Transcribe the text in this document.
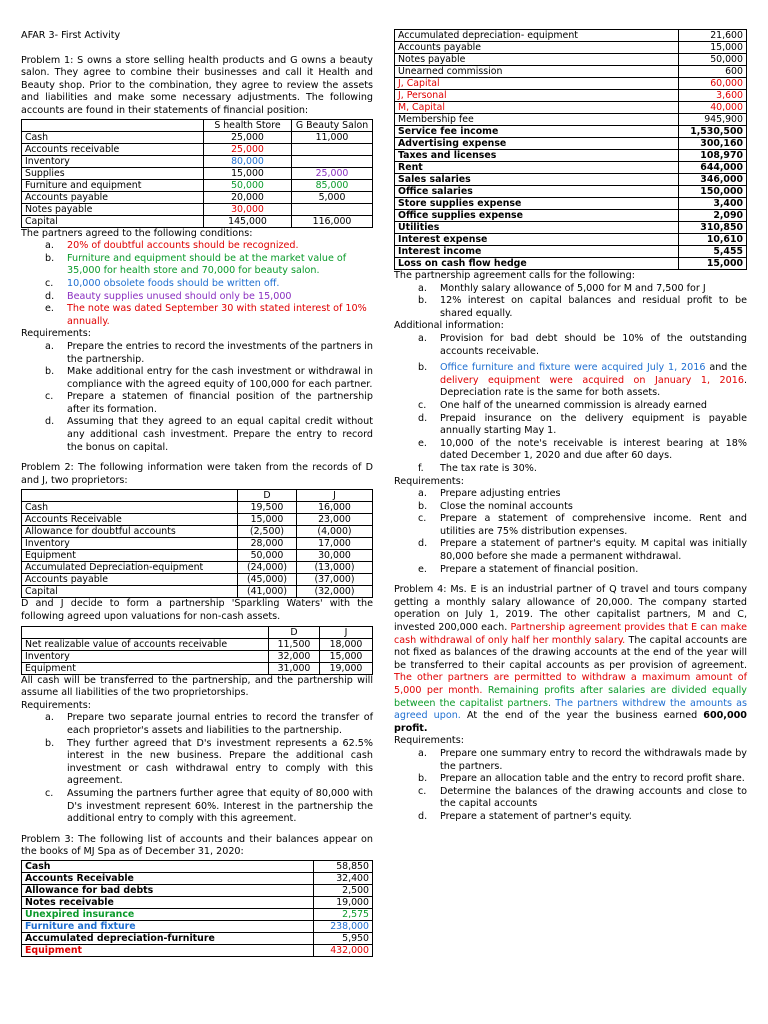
AFAR 3- First Activity

Problem 1: S owns a store selling health products and G owns a beauty salon. They agree to combine their businesses and call it Health and Beauty shop. Prior to the combination, they agree to review the assets and liabilities and make some necessary adjustments. The following accounts are found in their statements of financial position:

	S health Store	G Beauty Salon
Cash	25,000	11,000
Accounts receivable	25,000	
Inventory	80,000	
Supplies	15,000	25,000
Furniture and equipment	50,000	85,000
Accounts payable	20,000	5,000
Notes payable	30,000	
Capital	145,000	116,000

The partners agreed to the following conditions:

a. 20% of doubtful accounts should be recognized.
b. Furniture and equipment should be at the market value of 35,000 for health store and 70,000 for beauty salon.
c. 10,000 obsolete foods should be written off.
d. Beauty supplies unused should only be 15,000
e. The note was dated September 30 with stated interest of 10% annually.

Requirements:

a. Prepare the entries to record the investments of the partners in the partnership.
b. Make additional entry for the cash investment or withdrawal in compliance with the agreed equity of 100,000 for each partner.
c. Prepare a statemen of financial position of the partnership after its formation.
d. Assuming that they agreed to an equal capital credit without any additional cash investment. Prepare the entry to record the bonus on capital.

Problem 2: The following information were taken from the records of D and J, two proprietors:

	D	J
Cash	19,500	16,000
Accounts Receivable	15,000	23,000
Allowance for doubtful accounts	(2,500)	(4,000)
Inventory	28,000	17,000
Equipment	50,000	30,000
Accumulated Depreciation-equipment	(24,000)	(13,000)
Accounts payable	(45,000)	(37,000)
Capital	(41,000)	(32,000)

D and J decide to form a partnership 'Sparkling Waters' with the following agreed upon valuations for non-cash assets.

	D	J
Net realizable value of accounts receivable	11,500	18,000
Inventory	32,000	15,000
Equipment	31,000	19,000

All cash will be transferred to the partnership, and the partnership will assume all liabilities of the two proprietorships.

Requirements:

a. Prepare two separate journal entries to record the transfer of each proprietor's assets and liabilities to the partnership.
b. They further agreed that D's investment represents a 62.5% interest in the new business. Prepare the additional cash investment or cash withdrawal entry to comply with this agreement.
c. Assuming the partners further agree that equity of 80,000 with D's investment represent 60%. Interest in the partnership the additional entry to comply with this agreement.

Problem 3: The following list of accounts and their balances appear on the books of MJ Spa as of December 31, 2020:

Cash	58,850
Accounts Receivable	32,400
Allowance for bad debts	2,500
Notes receivable	19,000
Unexpired insurance	2,575
Furniture and fixture	238,000
Accumulated depreciation-furniture	5,950
Equipment	432,000
Accumulated depreciation- equipment	21,600
Accounts payable	15,000
Notes payable	50,000
Unearned commission	600
J, Capital	60,000
J, Personal	3,600
M, Capital	40,000
Membership fee	945,900
Service fee income	1,530,500
Advertising expense	300,160
Taxes and licenses	108,970
Rent	644,000
Sales salaries	346,000
Office salaries	150,000
Store supplies expense	3,400
Office supplies expense	2,090
Utilities	310,850
Interest expense	10,610
Interest income	5,455
Loss on cash flow hedge	15,000

The partnership agreement calls for the following:

a. Monthly salary allowance of 5,000 for M and 7,500 for J
b. 12% interest on capital balances and residual profit to be shared equally.

Additional information:

a. Provision for bad debt should be 10% of the outstanding accounts receivable.
b. Office furniture and fixture were acquired July 1, 2016 and the delivery equipment were acquired on January 1, 2016. Depreciation rate is the same for both assets.
c. One half of the unearned commission is already earned
d. Prepaid insurance on the delivery equipment is payable annually starting May 1.
e. 10,000 of the note's receivable is interest bearing at 18% dated December 1, 2020 and due after 60 days.
f. The tax rate is 30%.

Requirements:

a. Prepare adjusting entries
b. Close the nominal accounts
c. Prepare a statement of comprehensive income. Rent and utilities are 75% distribution expenses.
d. Prepare a statement of partner's equity. M capital was initially 80,000 before she made a permanent withdrawal.
e. Prepare a statement of financial position.

Problem 4: Ms. E is an industrial partner of Q travel and tours company getting a monthly salary allowance of 20,000. The company started operation on July 1, 2019. The other capitalist partners, M and C, invested 200,000 each. Partnership agreement provides that E can make cash withdrawal of only half her monthly salary. The capital accounts are not fixed as balances of the drawing accounts at the end of the year will be transferred to their capital accounts as per provision of agreement. The other partners are permitted to withdraw a maximum amount of 5,000 per month. Remaining profits after salaries are divided equally between the capitalist partners. The partners withdrew the amounts as agreed upon. At the end of the year the business earned 600,000 profit.

Requirements:

a. Prepare one summary entry to record the withdrawals made by the partners.
b. Prepare an allocation table and the entry to record profit share.
c. Determine the balances of the drawing accounts and close to the capital accounts
d. Prepare a statement of partner's equity.
